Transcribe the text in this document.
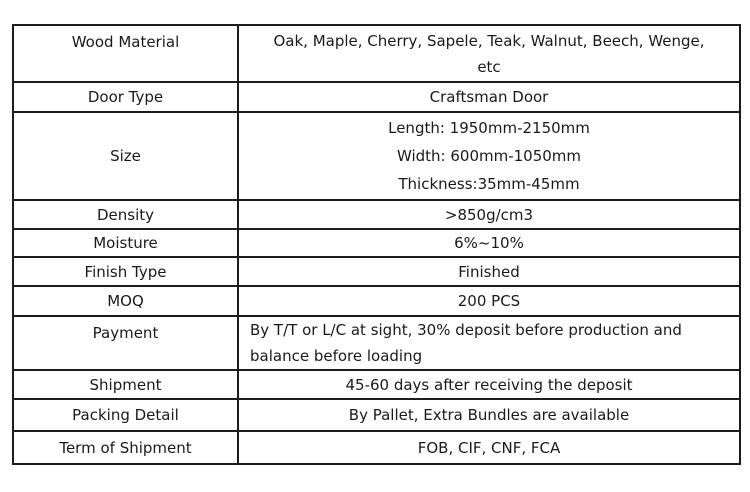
Wood Material	Oak, Maple, Cherry, Sapele, Teak, Walnut, Beech, Wenge,
etc

Door Type	Craftsman Door

Size	Length: 1950mm-2150mm
Width: 600mm-1050mm
Thickness:35mm-45mm

Density	>850g/cm3

Moisture	6%~10%

Finish Type	Finished

MOQ	200 PCS

Payment	By T/T or L/C at sight, 30% deposit before production and
balance before loading

Shipment	45-60 days after receiving the deposit

Packing Detail	By Pallet, Extra Bundles are available

Term of Shipment	FOB, CIF, CNF, FCA
